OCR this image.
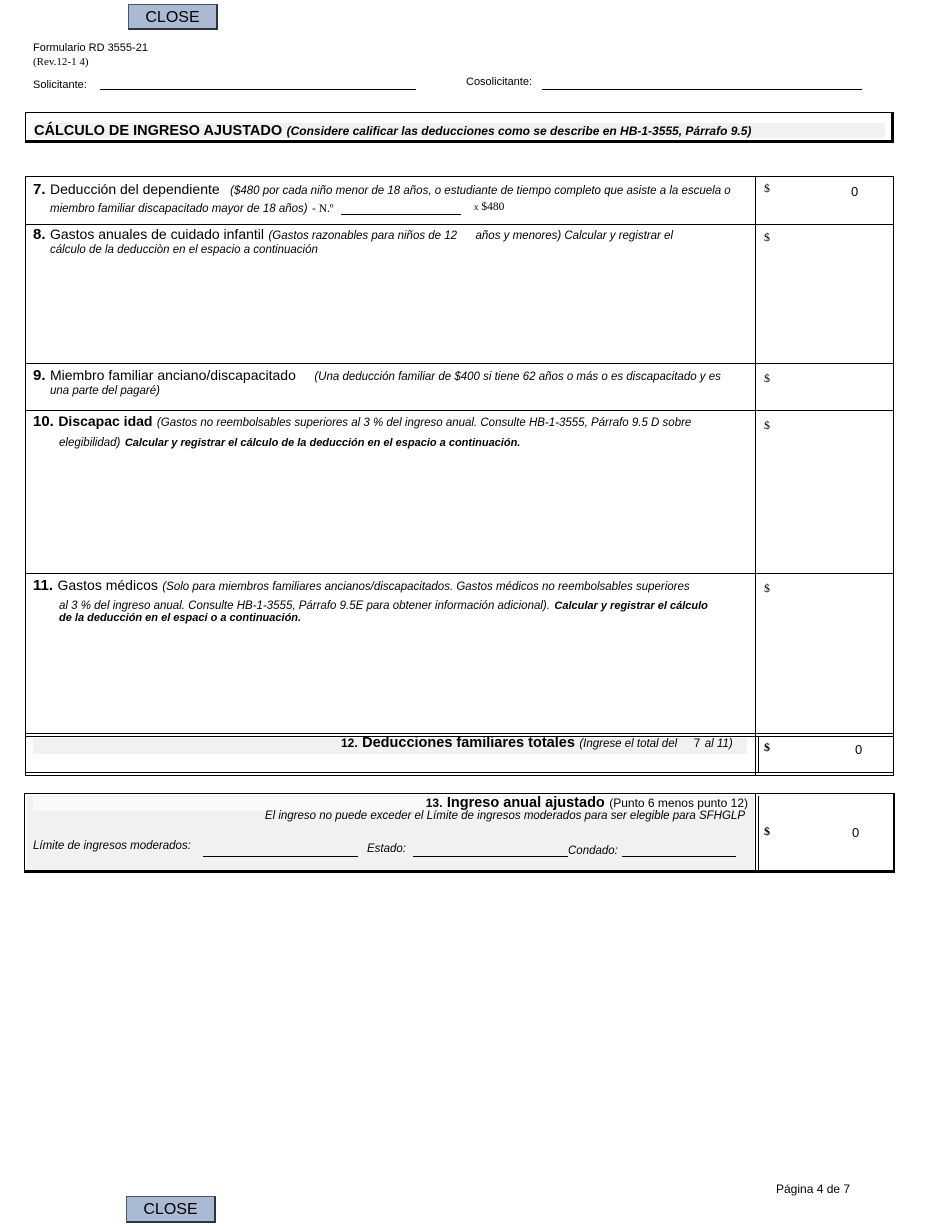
CLOSE
Formulario RD 3555-21
(Rev.12-1 4)
Solicitante:	Cosolicitante:
CÁLCULO DE INGRESO AJUSTADO (Considere calificar las deducciones como se describe en HB-1-3555, Párrafo 9.5)
7. Deducción del dependiente ($480 por cada niño menor de 18 años, o estudiante de tiempo completo que asiste a la escuela o
miembro familiar discapacitado mayor de 18 años) - N.º	x $480
$	0
8. Gastos anuales de cuidado infantil (Gastos razonables para niños de 12 años y menores) Calcular y registrar el
cálculo de la deducciòn en el espacio a continuación
$
9. Miembro familiar anciano/discapacitado (Una deducción familiar de $400 si tiene 62 años o más o es discapacitado y es
una parte del pagaré)
$
10. Discapac idad (Gastos no reembolsables superiores al 3 % del ingreso anual. Consulte HB-1-3555, Párrafo 9.5 D sobre
elegibilidad) Calcular y registrar el cálculo de la deducción en el espacio a continuación.
$
11. Gastos médicos (Solo para miembros familiares ancianos/discapacitados. Gastos médicos no reembolsables superiores
al 3 % del ingreso anual. Consulte HB-1-3555, Párrafo 9.5E para obtener información adicional). Calcular y registrar el cálculo
de la deducción en el espaci o a continuación.
$
12. Deducciones familiares totales (Ingrese el total del 7 al 11)	$	0
13. Ingreso anual ajustado (Punto 6 menos punto 12)
El ingreso no puede exceder el Límite de ingresos moderados para ser elegible para SFHGLP
Límite de ingresos moderados:	Estado:	Condado:
$	0
Página 4 de 7
CLOSE
